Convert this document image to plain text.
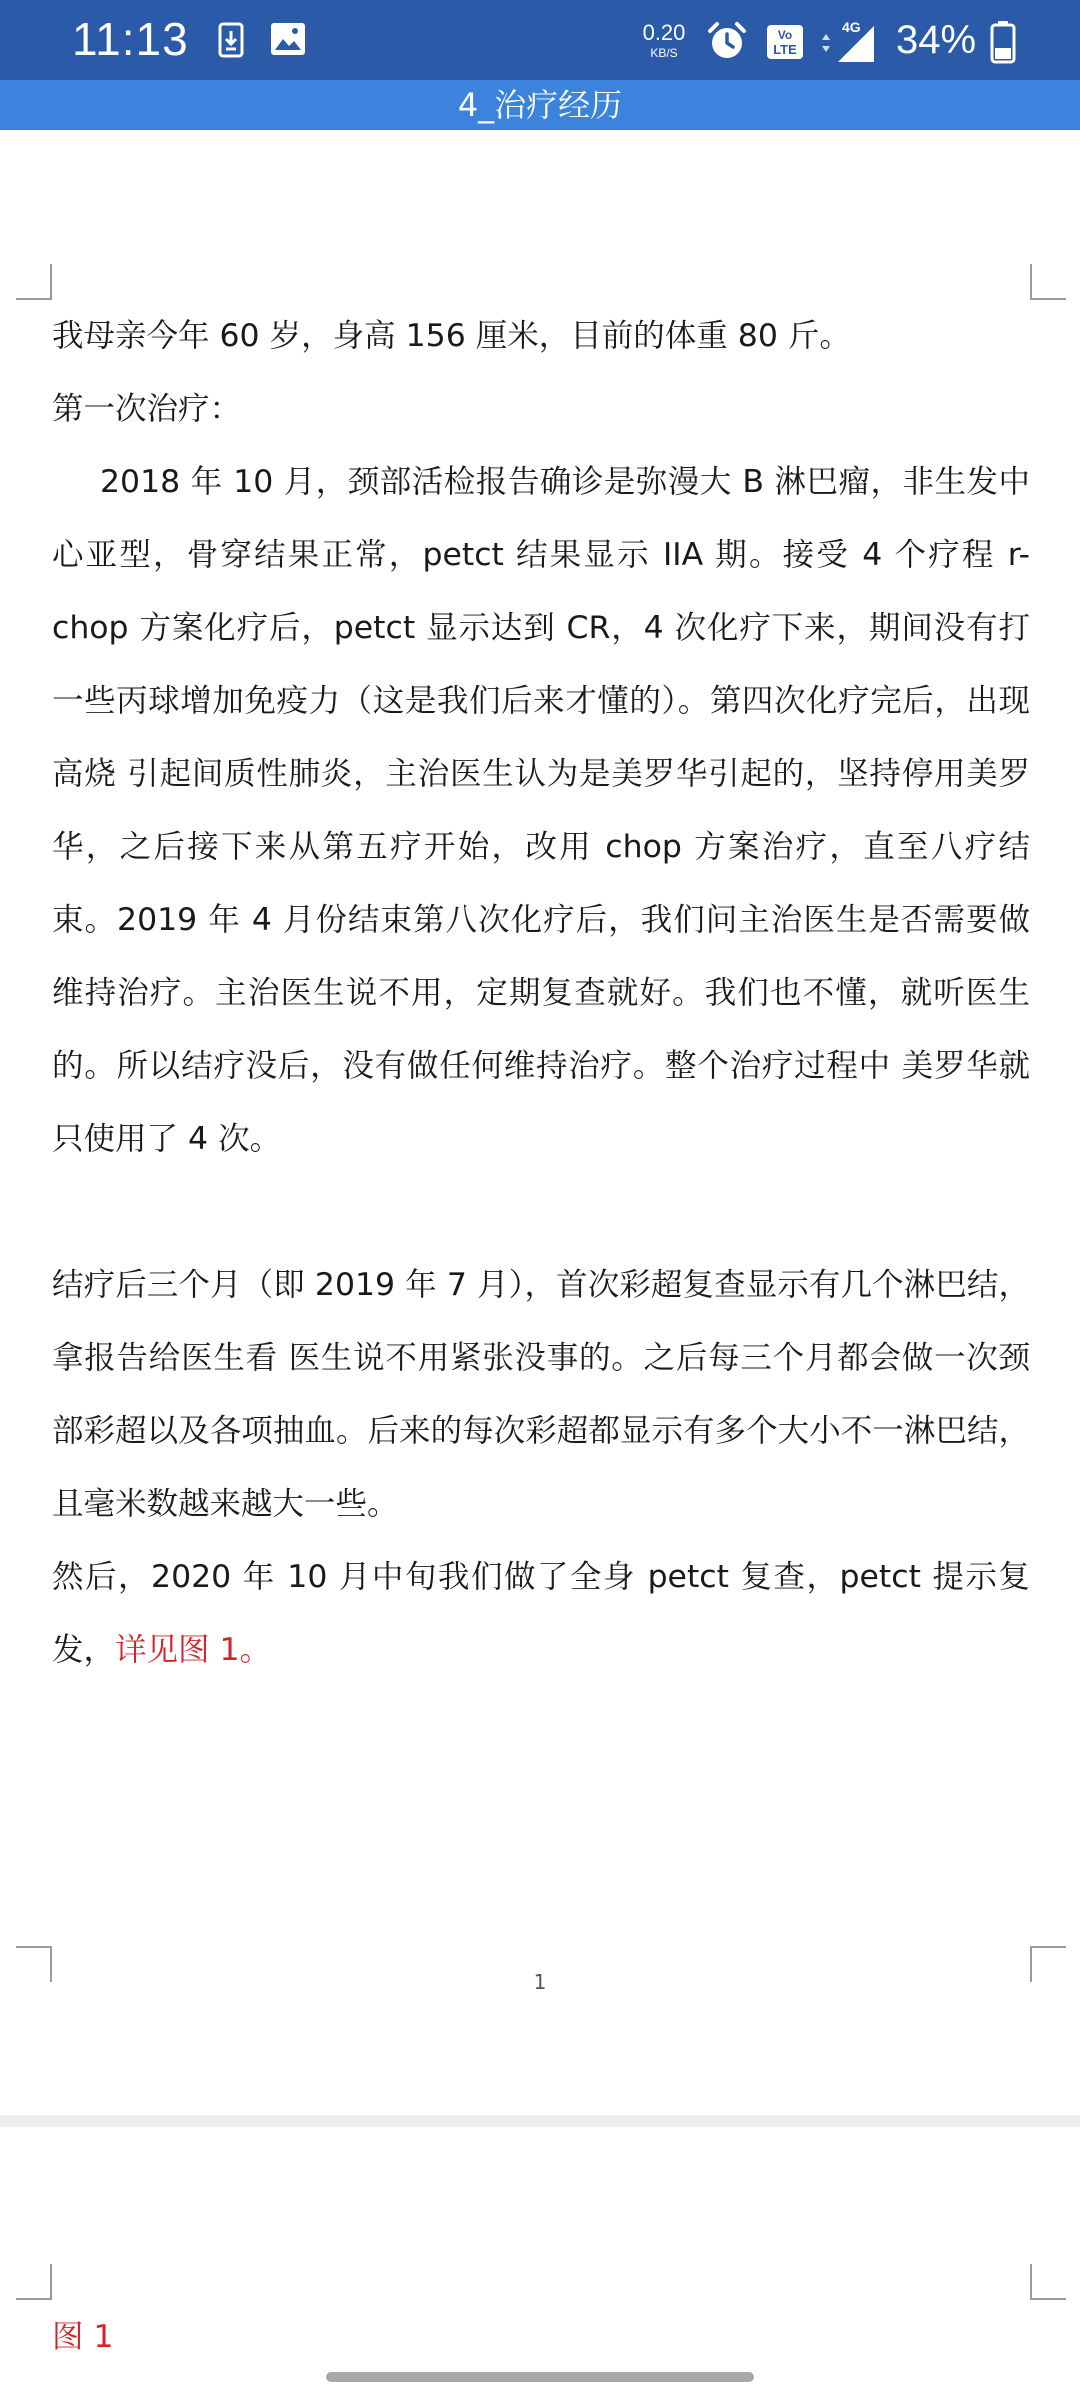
11:13	0.20
KB/S
Vo
LTE
4G 34%
4_治疗经历

我母亲今年 60 岁，身高 156 厘米，目前的体重 80 斤。

第一次治疗：

2018 年 10 月，颈部活检报告确诊是弥漫大 B 淋巴瘤，非生发中心亚型，骨穿结果正常，petct 结果显示 IIA 期。接受 4 个疗程 r-chop 方案化疗后，petct 显示达到 CR，4 次化疗下来，期间没有打一些丙球增加免疫力（这是我们后来才懂的）。第四次化疗完后，出现高烧 引起间质性肺炎，主治医生认为是美罗华引起的，坚持停用美罗华，之后接下来从第五疗开始，改用 chop 方案治疗，直至八疗结束。2019 年 4 月份结束第八次化疗后，我们问主治医生是否需要做维持治疗。主治医生说不用，定期复查就好。我们也不懂，就听医生的。所以结疗没后，没有做任何维持治疗。整个治疗过程中 美罗华就只使用了 4 次。

结疗后三个月（即 2019 年 7 月），首次彩超复查显示有几个淋巴结，拿报告给医生看 医生说不用紧张没事的。之后每三个月都会做一次颈部彩超以及各项抽血。后来的每次彩超都显示有多个大小不一淋巴结，且毫米数越来越大一些。

然后，2020 年 10 月中旬我们做了全身 petct 复查，petct 提示复发，详见图 1。

1
图 1
